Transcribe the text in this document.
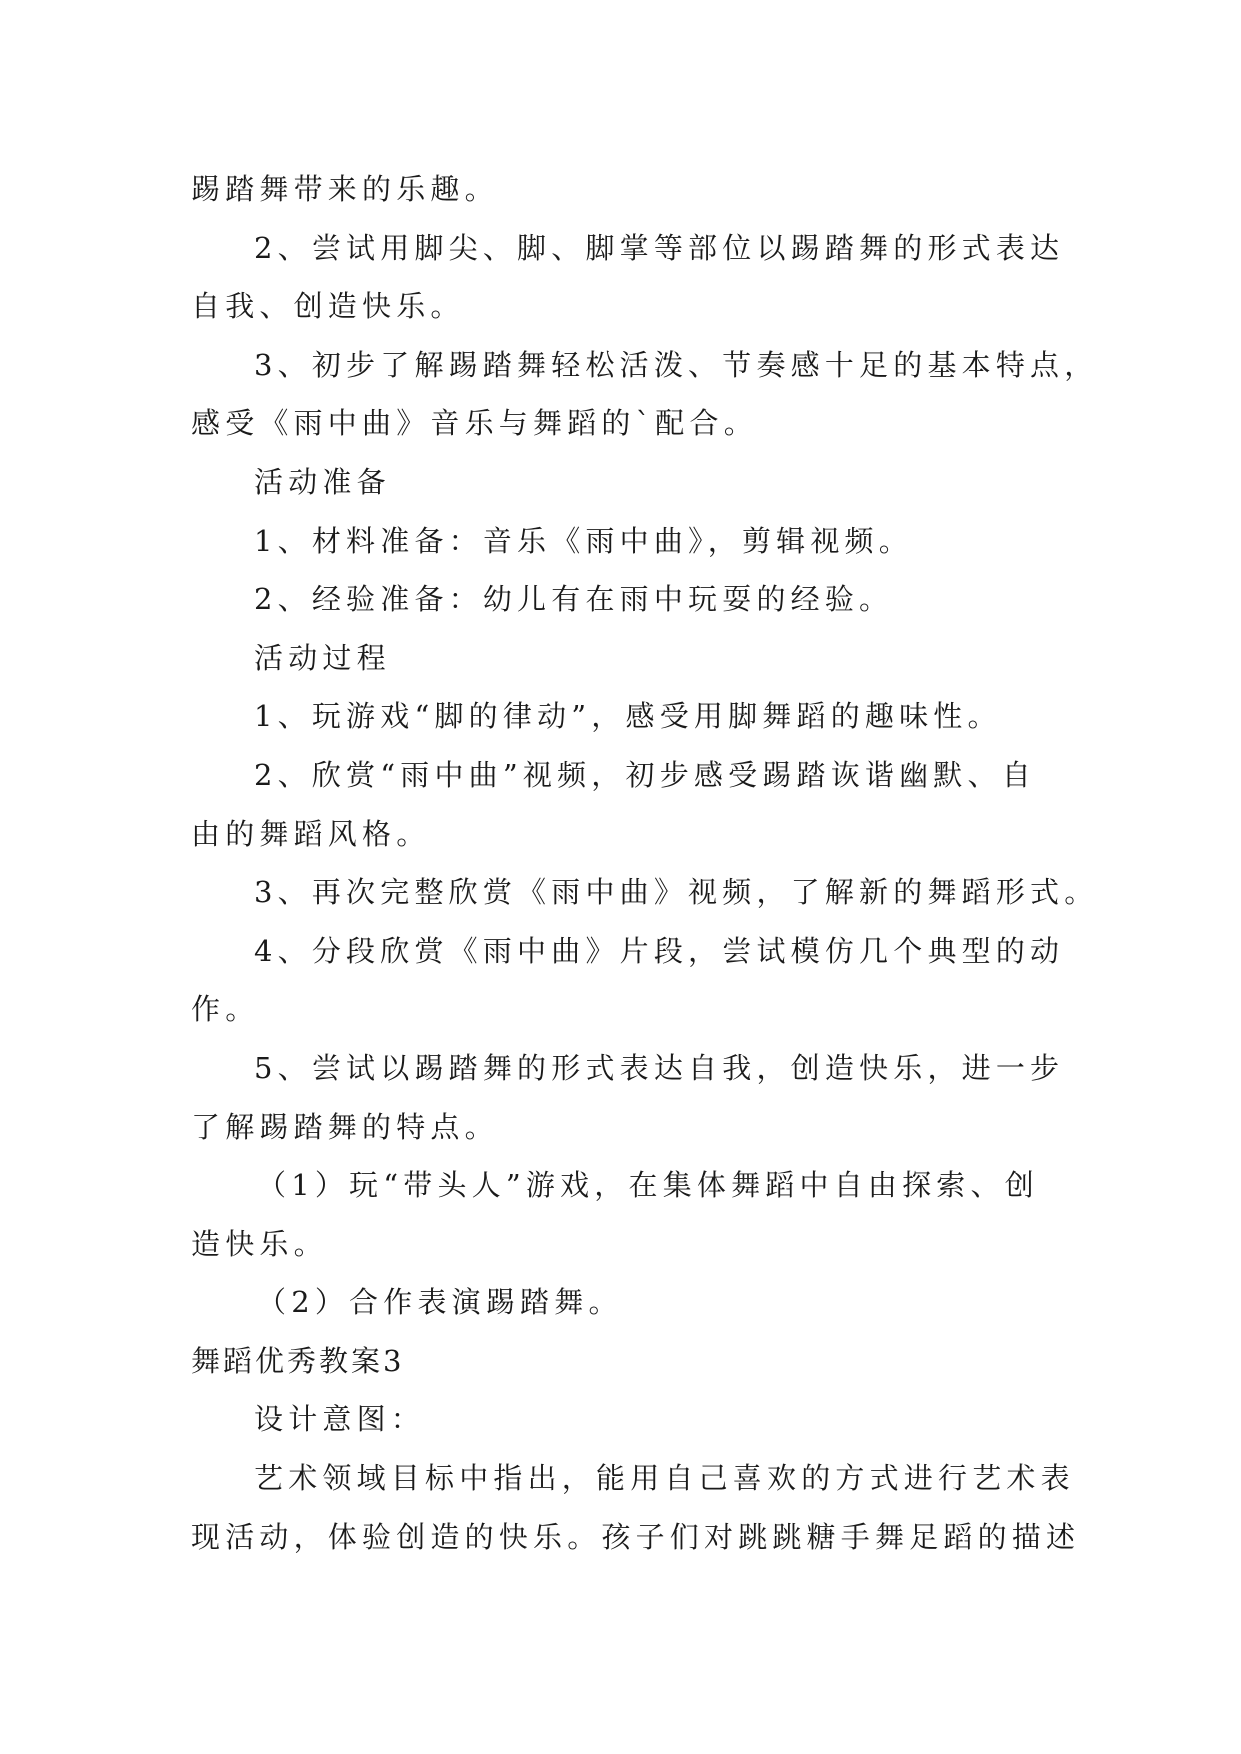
踢踏舞带来的乐趣。
2、尝试用脚尖、脚、脚掌等部位以踢踏舞的形式表达
自我、创造快乐。
3、初步了解踢踏舞轻松活泼、节奏感十足的基本特点，
感受《雨中曲》音乐与舞蹈的`配合。
活动准备
1、材料准备：音乐《雨中曲》，剪辑视频。
2、经验准备：幼儿有在雨中玩耍的经验。
活动过程
1、玩游戏“脚的律动”，感受用脚舞蹈的趣味性。
2、欣赏“雨中曲”视频，初步感受踢踏诙谐幽默、自
由的舞蹈风格。
3、再次完整欣赏《雨中曲》视频，了解新的舞蹈形式。
4、分段欣赏《雨中曲》片段，尝试模仿几个典型的动
作。
5、尝试以踢踏舞的形式表达自我，创造快乐，进一步
了解踢踏舞的特点。
（1）玩“带头人”游戏，在集体舞蹈中自由探索、创
造快乐。
（2）合作表演踢踏舞。
舞蹈优秀教案3
设计意图：
艺术领域目标中指出，能用自己喜欢的方式进行艺术表
现活动，体验创造的快乐。孩子们对跳跳糖手舞足蹈的描述
